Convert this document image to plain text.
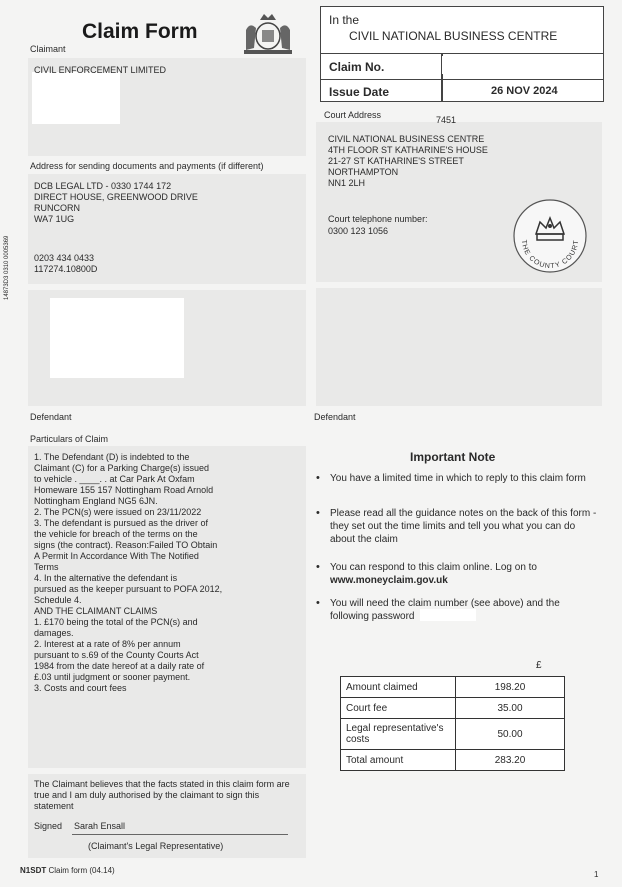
14873D3 0310 0005369
Claim Form
Claimant
CIVIL ENFORCEMENT LIMITED
Address for sending documents and payments (if different)
DCB LEGAL LTD - 0330 1744 172
DIRECT HOUSE, GREENWOOD DRIVE
RUNCORN
WA7 1UG
0203 434 0433
117274.10800D
In the
CIVIL NATIONAL BUSINESS CENTRE
Claim No.
Issue Date	26 NOV 2024
Court Address	7451
CIVIL NATIONAL BUSINESS CENTRE
4TH FLOOR ST KATHARINE'S HOUSE
21-27 ST KATHARINE'S STREET
NORTHAMPTON
NN1 2LH
Court telephone number:
0300 123 1056
THE COUNTY COURT
Defendant	Defendant
Particulars of Claim
1. The Defendant (D) is indebted to the
Claimant (C) for a Parking Charge(s) issued
to vehicle . ____. . at Car Park At Oxfam
Homeware 155 157 Nottingham Road Arnold
Nottingham England NG5 6JN.
2. The PCN(s) were issued on 23/11/2022
3. The defendant is pursued as the driver of
the vehicle for breach of the terms on the
signs (the contract). Reason:Failed TO Obtain
A Permit In Accordance With The Notified
Terms
4. In the alternative the defendant is
pursued as the keeper pursuant to POFA 2012,
Schedule 4.
AND THE CLAIMANT CLAIMS
1. £170 being the total of the PCN(s) and
damages.
2. Interest at a rate of 8% per annum
pursuant to s.69 of the County Courts Act
1984 from the date hereof at a daily rate of
£.03 until judgment or sooner payment.
3. Costs and court fees
Important Note
• You have a limited time in which to reply to this claim form
• Please read all the guidance notes on the back of this form - they set out the time limits and tell you what you can do about the claim
• You can respond to this claim online. Log on to
www.moneyclaim.gov.uk
• You will need the claim number (see above) and the following password
£
Amount claimed	198.20
Court fee	35.00
Legal representative's costs	50.00
Total amount	283.20
The Claimant believes that the facts stated in this claim form are true and I am duly authorised by the claimant to sign this statement
Signed Sarah Ensall
(Claimant's Legal Representative)
N1SDT Claim form (04.14)	1
